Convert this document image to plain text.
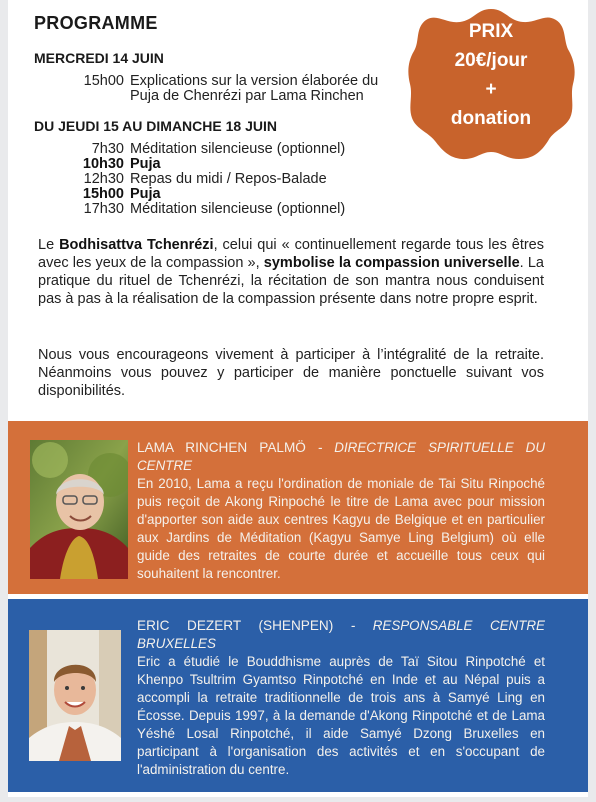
PROGRAMME
MERCREDI 14 JUIN
15h00 Explications sur la version élaborée du
Puja de Chenrézi par Lama Rinchen
DU JEUDI 15 AU DIMANCHE 18 JUIN
7h30 Méditation silencieuse (optionnel)
10h30 Puja
12h30 Repas du midi / Repos-Balade
15h00 Puja
17h30 Méditation silencieuse (optionnel)
PRIX
20€/jour
+
donation
Le Bodhisattva Tchenrézi, celui qui « continuellement regarde tous les êtres avec les yeux de la compassion », symbolise la compassion universelle. La pratique du rituel de Tchenrézi, la récitation de son mantra nous conduisent pas à pas à la réalisation de la compassion présente dans notre propre esprit.
Nous vous encourageons vivement à participer à l’intégralité de la retraite. Néanmoins vous pouvez y participer de manière ponctuelle suivant vos disponibilités.
LAMA RINCHEN PALMÖ - DIRECTRICE SPIRITUELLE DU CENTRE
En 2010, Lama a reçu l'ordination de moniale de Tai Situ Rinpoché puis reçoit de Akong Rinpoché le titre de Lama avec pour mission d'apporter son aide aux centres Kagyu de Belgique et en particulier aux Jardins de Méditation (Kagyu Samye Ling Belgium) où elle guide des retraites de courte durée et accueille tous ceux qui souhaitent la rencontrer.
ERIC DEZERT (SHENPEN) - RESPONSABLE CENTRE BRUXELLES
Eric a étudié le Bouddhisme auprès de Taï Sitou Rinpotché et Khenpo Tsultrim Gyamtso Rinpotché en Inde et au Népal puis a accompli la retraite traditionnelle de trois ans à Samyé Ling en Écosse. Depuis 1997, à la demande d'Akong Rinpotché et de Lama Yéshé Losal Rinpotché, il aide Samyé Dzong Bruxelles en participant à l'organisation des activités et en s'occupant de l'administration du centre.
